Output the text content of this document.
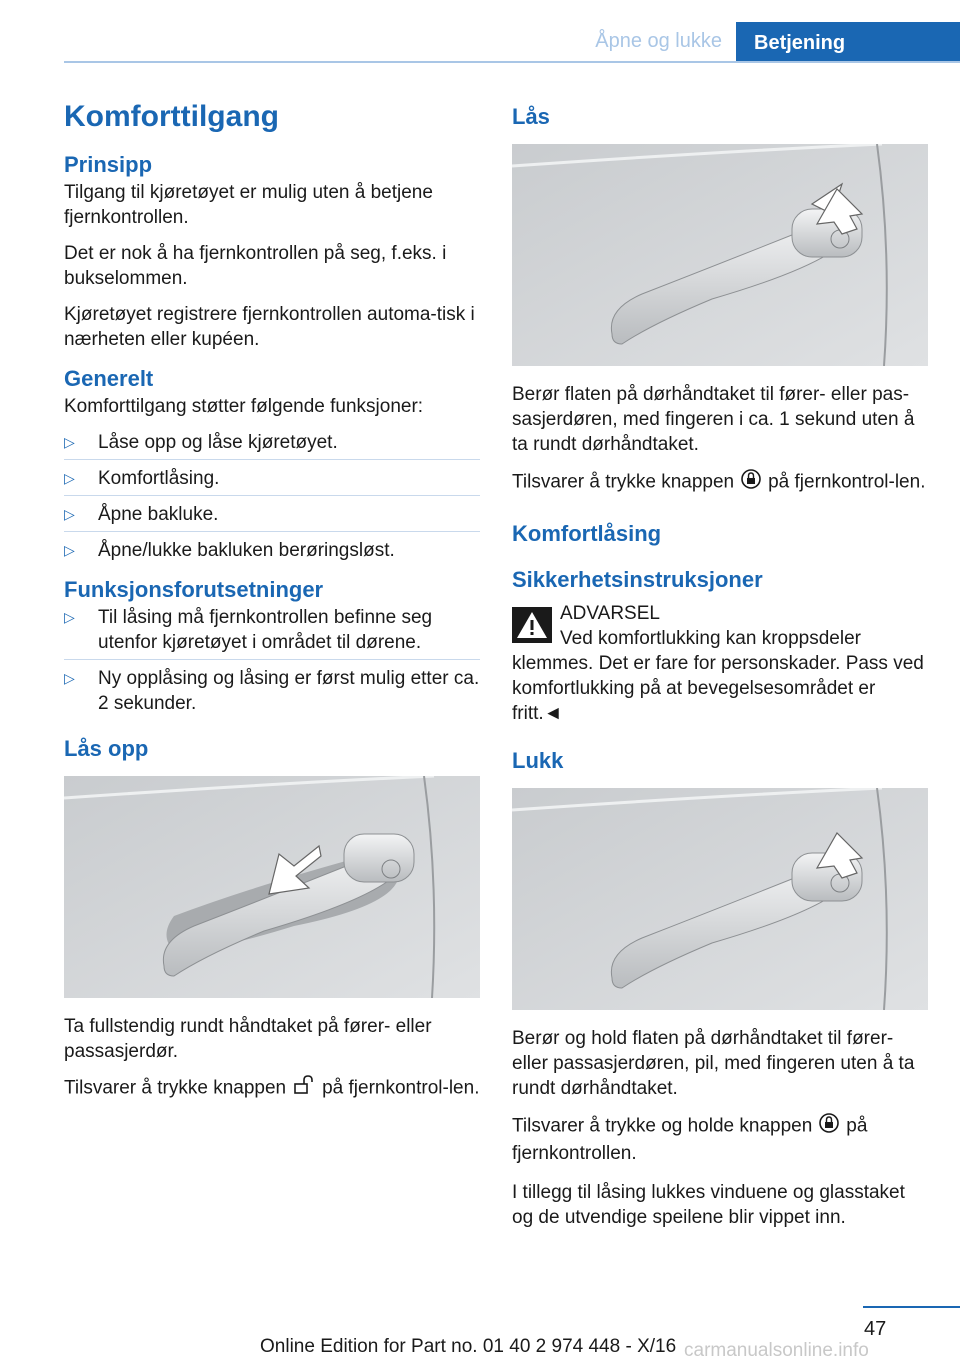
Åpne og lukke	Betjening
Komforttilgang
Prinsipp

Tilgang til kjøretøyet er mulig uten å betjene fjernkontrollen.

Det er nok å ha fjernkontrollen på seg, f.eks. i bukselommen.

Kjøretøyet registrere fjernkontrollen automa-tisk i nærheten eller kupéen.

Generelt

Komforttilgang støtter følgende funksjoner:

▷ Låse opp og låse kjøretøyet.
▷ Komfortlåsing.
▷ Åpne bakluke.
▷ Åpne/lukke bakluken berøringsløst.
Funksjonsforutsetninger
▷ Til låsing må fjernkontrollen befinne seg utenfor kjøretøyet i området til dørene.
▷ Ny opplåsing og låsing er først mulig etter ca. 2 sekunder.
Lås opp

Ta fullstendig rundt håndtaket på fører- eller passasjerdør.

Tilsvarer å trykke knappen på fjernkontrol-len.

Lås

Berør flaten på dørhåndtaket til fører- eller pas-sasjerdøren, med fingeren i ca. 1 sekund uten å ta rundt dørhåndtaket.

Tilsvarer å trykke knappen på fjernkontrol-len.

Komfortlåsing
Sikkerhetsinstruksjoner
ADVARSEL
Ved komfortlukking kan kroppsdeler klemmes. Det er fare for personskader. Pass ved komfortlukking på at bevegelsesområdet er fritt.◄
Lukk

Berør og hold flaten på dørhåndtaket til fører- eller passasjerdøren, pil, med fingeren uten å ta rundt dørhåndtaket.

Tilsvarer å trykke og holde knappen på fjernkontrollen.

I tillegg til låsing lukkes vinduene og glasstaket og de utvendige speilene blir vippet inn.

47
Online Edition for Part no. 01 40 2 974 448 - X/16 carmanualsonline.info
